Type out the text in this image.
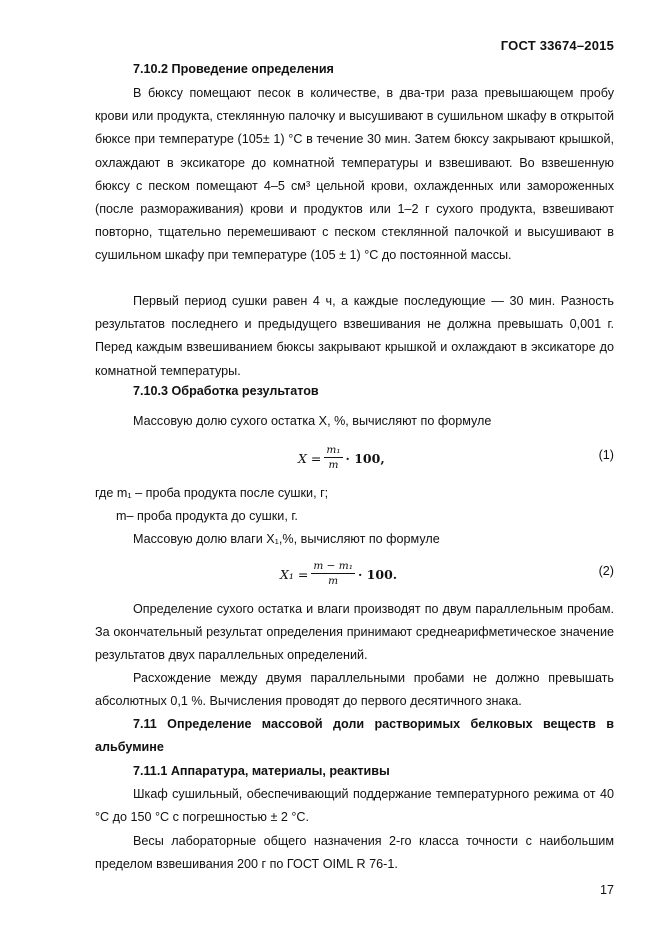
ГОСТ 33674–2015

7.10.2 Проведение определения

В бюксу помещают песок в количестве, в два-три раза превышающем пробу крови или продукта, стеклянную палочку и высушивают в сушильном шкафу в открытой бюксе при температуре (105± 1) °С в течение 30 мин. Затем бюксу закрывают крышкой, охлаждают в эксикаторе до комнатной температуры и взвешивают. Во взвешенную бюксу с песком помещают 4–5 см³ цельной крови, охлажденных или замороженных (после размораживания) крови и продуктов или 1–2 г сухого продукта, взвешивают повторно, тщательно перемешивают с песком стеклянной палочкой и высушивают в сушильном шкафу при температуре (105 ± 1) °С до постоянной массы.

Первый период сушки равен 4 ч, а каждые последующие — 30 мин. Разность результатов последнего и предыдущего взвешивания не должна превышать 0,001 г. Перед каждым взвешиванием бюксы закрывают крышкой и охлаждают в эксикаторе до комнатной температуры.

7.10.3 Обработка результатов

Массовую долю сухого остатка X, %, вычисляют по формуле

$X = \frac{\text{m₁}}{m} \cdot 100$,	(1)

где m₁ – проба продукта после сушки, г;

m– проба продукта до сушки, г.

Массовую долю влаги X₁,%, вычисляют по формуле

$X_1 = \frac{\text{m − m₁}}{m} \cdot 100$.	(2)

Определение сухого остатка и влаги производят по двум параллельным пробам. За окончательный результат определения принимают среднеарифметическое значение результатов двух параллельных определений.

Расхождение между двумя параллельными пробами не должно превышать абсолютных 0,1 %. Вычисления проводят до первого десятичного знака.

7.11 Определение массовой доли растворимых белковых веществ в альбумине

7.11.1 Аппаратура, материалы, реактивы

Шкаф сушильный, обеспечивающий поддержание температурного режима от 40 °С до 150 °С с погрешностью ± 2 °С.

Весы лабораторные общего назначения 2-го класса точности с наибольшим пределом взвешивания 200 г по ГОСТ OIML R 76-1.

17
